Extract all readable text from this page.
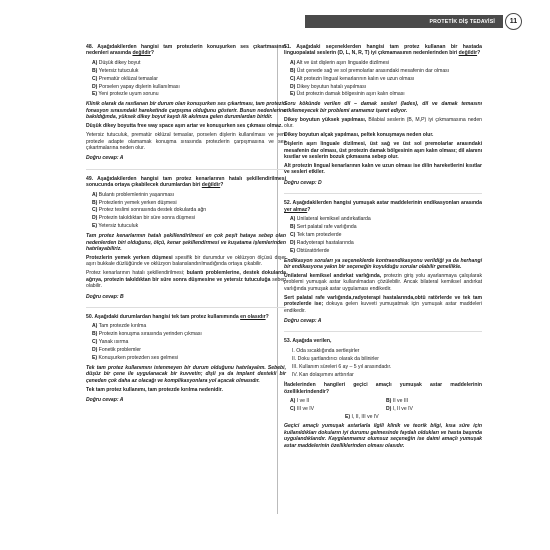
PROTETİK DİŞ TEDAVİSİ	11

48. Aşağıdakilerden hangisi tam protezlerin konuşurken ses çıkartmasının nedenleri arasında değildir?

A) Düşük dikey boyut
B) Yetersiz tutuculuk
C) Prematür oklüzal temaslar
D) Porselen yapay dişlerin kullanılması
E) Yeni protezle uyum sorunu

Klinik olarak da rastlanan bir durum olan konuşurken ses çıkartması, tam protezin fonasyon sırasındaki hareketinde çarpışma olduğunu gösterir. Bunun nedenlerine bakıldığında, yüksek dikey boyut kaydı ilk akılmıza gelen durumlardan biridir.

Düşük dikey boyutta free way space aşırı artar ve konuşurken ses çıkması olmaz.

Yetersiz tutuculuk, prematür oklüzal temaslar, porselen dişlerin kullanılması ve yeni protezle adapte olamamak konuşma sırasında protezlerin çarpışmasına ve ses çıkartmalarına neden olur.

Doğru cevap: A

49. Aşağıdakilerden hangisi tam protez kenarlarının hatalı şekillendirilmesi sonucunda ortaya çıkabilecek durumlardan biri değildir?

A) Bulantı problemlerinin yaşanması
B) Protezlerin yemek yerken düşmesi
C) Protez teslimi sonrasında destek dokularda ağrı
D) Protezin takıldıktan bir süre sonra düşmesi
E) Yetersiz tutuculuk

Tam protez kenarlarının hatalı şekillendirilmesi en çok peşit hataya sebep olan nedenlerden biri olduğunu, ölçü, kenar şekillendirmesi ve kuşatama işlemlerinden hatırlayabiliriz.

Protezlerin yemek yerken düşmesi spesifik bir durumdur ve oklüzyon ölçüsü dışer aşırı bukkale düzlüğünde ve oklüzyon balanslandırılmadığında ortaya çıkabilir.

Protez kenarlarının hatalı şekillendirilmesi; bulantı problemlerine, destek dokularda ağrıya, protezin takıldıktan bir süre sonra düşmesine ve yetersiz tutuculuğa sebep olabilir.

Doğru cevap: B

50. Aşağıdaki durumlardan hangisi tek tam protez kullanımında en olasıdır?

A) Tam protezde kırılma
B) Protezin konuşma sırasında yerinden çıkması
C) Yanak ısırma
D) Fonetik problemler
E) Konuşurken protezden ses gelmesi

Tek tam protez kullanımını istenmeyen bir durum olduğunu hatırlayalım. Sebebi, düşüz bir çene ile uygulanacak bir kuvvetin; dişli ya da implant destekli bir çeneden çok daha az olacağı ve komplikasyonlara yol açacak olmasıdır.

Tek tam protez kullanımı, tam protezde kırılma nedenidir.

Doğru cevap: A

51. Aşağıdaki seçeneklerden hangisi tam protez kullanan bir hastada linguopalatal seslerin (D, L, N, R, T) iyi çıkmamasının nedenlerinden biri değildir?

A) Alt ve üst dişlerin aşırı lingualde dizilmesi
B) Üst çenede sağ ve sol premolarlar arasındaki mesafenin dar olması
C) Alt protezin lingual kenarlarının kalın ve uzun olması
D) Dikey boyutun hatalı yapılması
E) Üst protezin damak bölgesinin aşırı kalın olması

Soru kökünde verilen dil – damak sesleri (lades), dil ve damak temasını etkilemeyecek bir problemi aramamız işaret ediyor.

Dikey boyutun yüksek yapılması, Bilabial seslerin (B, M,P) iyi çıkmamasına neden olur.

Dikey boyutun alçak yapılması, peltek konuşmaya neden olur.

Dişlerin aşırı linguale dizilmesi, üst sağ ve üst sol premolarlar arasındaki mesafenin dar olması, üst protezin damak bölgesinin aşırı kalın olması; dil alanını kısıtlar ve seslerin bozuk çıkmasına sebep olur.

Alt protezin lingual kenarlarının kalın ve uzun olması ise dilin hareketlerini kısıtlar ve sesleri etkiler.

Doğru cevap: D

52. Aşağıdakilerden hangisi yumuşak astar maddelerinin endikasyonları arasında yer almaz?

A) Unilateral kemiksel andırkatlarda
B) Sert palatal rafe varlığında
C) Tek tam protezlerde
D) Radyoterapi hastalarında
E) Obtüratörlerde

Endikasyon soruları ya seçeneklerde kontraendikasyonu verildiği ya da herhangi bir endikasyona yakın bir seçeneğin koyulduğu sorular olabilir genellikle.

Unilateral kemiksel andırkat varlığında, protezin giriş yolu ayarlanmaya çalışılarak problemi yumuşak astar kullanılmadan çözülebilir. Ancak bilateral kemiksel andırkat varlığında yumuşak astar uygulaması endikedir.

Sert palatal rafe varlığında,radyoterapi hastalarında,obtü ratörlerde ve tek tam protezlerde ise; dokuya gelen kuvveti yumuşatmak için yumuşak astar maddeleri endikedir.

Doğru cevap: A

53. Aşağıda verilen,

I. Oda sıcaklığında sertleşirler
II. Doku şartlandırıcı olarak da bilinirler
III. Kullanım süreleri 6 ay – 5 yıl arasındadır.
IV. Kan dolaşımını arttırırlar

İfadelerinden hangileri geçici amaçlı yumuşak astar maddelerinin özelliklerindendir?

A) I ve II	B) II ve III
C) III ve IV	D) I, II ve IV
E) I, II, III ve IV

Geçici amaçlı yumuşak astarlarla ilgili klinik ve teorik bilgi, kısa süre için kullanıldıkları dokuların iyi durumu gelmesinde faydalı oldukları ve hasta başında uygulandıklarıdır. Kaygılanmamız olumsuz seçeneğin ise daimi amaçlı yumuşak astar maddelerinin özelliklerinden olması olasıdır.
